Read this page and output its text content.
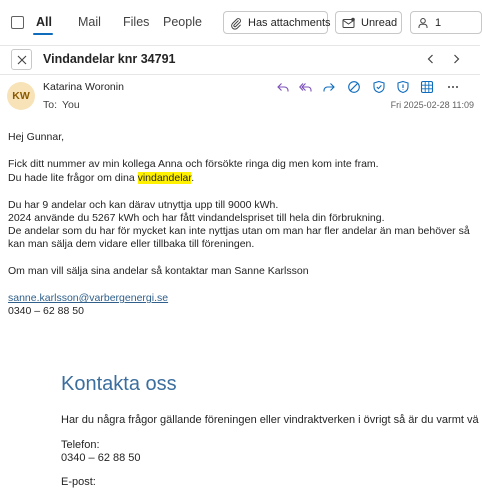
All Mail Files People	Has attachments	Unread	1
Vindandelar knr 34791
KW
Katarina Woronin
To: You	Fri 2025-02-28 11:09
Hej Gunnar,
Fick ditt nummer av min kollega Anna och försökte ringa dig men kom inte fram.
Du hade lite frågor om dina vindandelar.
Du har 9 andelar och kan därav utnyttja upp till 9000 kWh.
2024 använde du 5267 kWh och har fått vindandelspriset till hela din förbrukning.
De andelar som du har för mycket kan inte nyttjas utan om man har fler andelar än man behöver så
kan man sälja dem vidare eller tillbaka till föreningen.
Om man vill sälja sina andelar så kontaktar man Sanne Karlsson
sanne.karlsson@varbergenergi.se
0340 – 62 88 50
Kontakta oss
Har du några frågor gällande föreningen eller vindraktverken i övrigt så är du varmt vä
Telefon:
0340 – 62 88 50
E-post:
